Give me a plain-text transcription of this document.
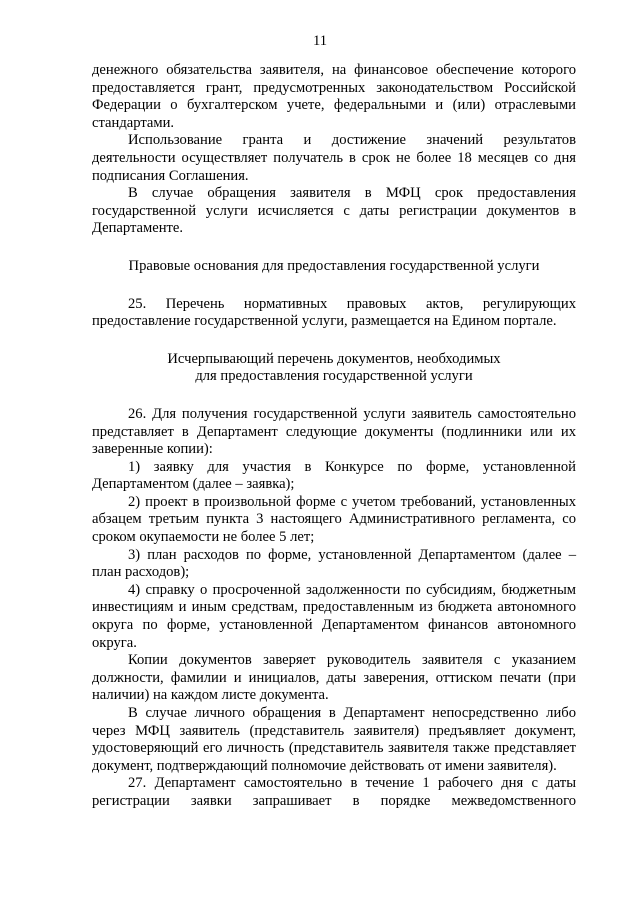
11

денежного обязательства заявителя, на финансовое обеспечение которого предоставляется грант, предусмотренных законодательством Российской Федерации о бухгалтерском учете, федеральными и (или) отраслевыми стандартами.

Использование гранта и достижение значений результатов деятельности осуществляет получатель в срок не более 18 месяцев со дня подписания Соглашения.

В случае обращения заявителя в МФЦ срок предоставления государственной услуги исчисляется с даты регистрации документов в Департаменте.

Правовые основания для предоставления государственной услуги

25. Перечень нормативных правовых актов, регулирующих предоставление государственной услуги, размещается на Едином портале.

Исчерпывающий перечень документов, необходимых

для предоставления государственной услуги

26. Для получения государственной услуги заявитель самостоятельно представляет в Департамент следующие документы (подлинники или их заверенные копии):

1) заявку для участия в Конкурсе по форме, установленной Департаментом (далее – заявка);

2) проект в произвольной форме с учетом требований, установленных абзацем третьим пункта 3 настоящего Административного регламента, со сроком окупаемости не более 5 лет;

3) план расходов по форме, установленной Департаментом (далее – план расходов);

4) справку о просроченной задолженности по субсидиям, бюджетным инвестициям и иным средствам, предоставленным из бюджета автономного округа по форме, установленной Департаментом финансов автономного округа.

Копии документов заверяет руководитель заявителя с указанием должности, фамилии и инициалов, даты заверения, оттиском печати (при наличии) на каждом листе документа.

В случае личного обращения в Департамент непосредственно либо через МФЦ заявитель (представитель заявителя) предъявляет документ, удостоверяющий его личность (представитель заявителя также представляет документ, подтверждающий полномочие действовать от имени заявителя).

27. Департамент самостоятельно в течение 1 рабочего дня с даты регистрации заявки запрашивает в порядке межведомственного
